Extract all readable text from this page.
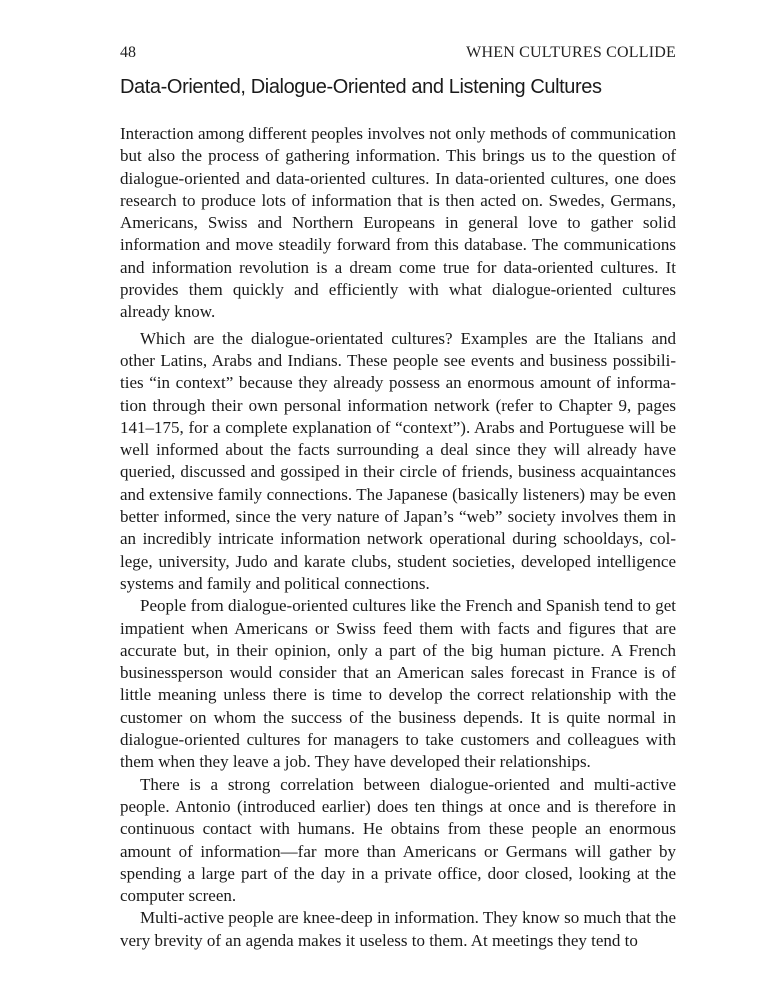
48	WHEN CULTURES COLLIDE
Data-Oriented, Dialogue-Oriented and Listening Cultures

Interaction among different peoples involves not only methods of communication but also the process of gathering information. This brings us to the question of dialogue-oriented and data-oriented cultures. In data-oriented cultures, one does research to produce lots of information that is then acted on. Swedes, Germans, Americans, Swiss and Northern Europeans in general love to gather solid information and move steadily forward from this database. The communications and information revolution is a dream come true for data-oriented cultures. It provides them quickly and efficiently with what dialogue-oriented cultures already know.

Which are the dialogue-orientated cultures? Examples are the Italians and other Latins, Arabs and Indians. These people see events and business possibilities “in context” because they already possess an enormous amount of information through their own personal information network (refer to Chapter 9, pages 141–175, for a complete explanation of “context”). Arabs and Portuguese will be well informed about the facts surrounding a deal since they will already have queried, discussed and gossiped in their circle of friends, business acquaintances and extensive family connections. The Japanese (basically listeners) may be even better informed, since the very nature of Japan’s “web” society involves them in an incredibly intricate information network operational during schooldays, college, university, Judo and karate clubs, student societies, developed intelligence systems and family and political connections.

People from dialogue-oriented cultures like the French and Spanish tend to get impatient when Americans or Swiss feed them with facts and figures that are accurate but, in their opinion, only a part of the big human picture. A French businessperson would consider that an American sales forecast in France is of little meaning unless there is time to develop the correct relationship with the customer on whom the success of the business depends. It is quite normal in dialogue-oriented cultures for managers to take customers and colleagues with them when they leave a job. They have developed their relationships.

There is a strong correlation between dialogue-oriented and multi-active people. Antonio (introduced earlier) does ten things at once and is therefore in continuous contact with humans. He obtains from these people an enormous amount of information—far more than Americans or Germans will gather by spending a large part of the day in a private office, door closed, looking at the computer screen.

Multi-active people are knee-deep in information. They know so much that the very brevity of an agenda makes it useless to them. At meetings they tend to
